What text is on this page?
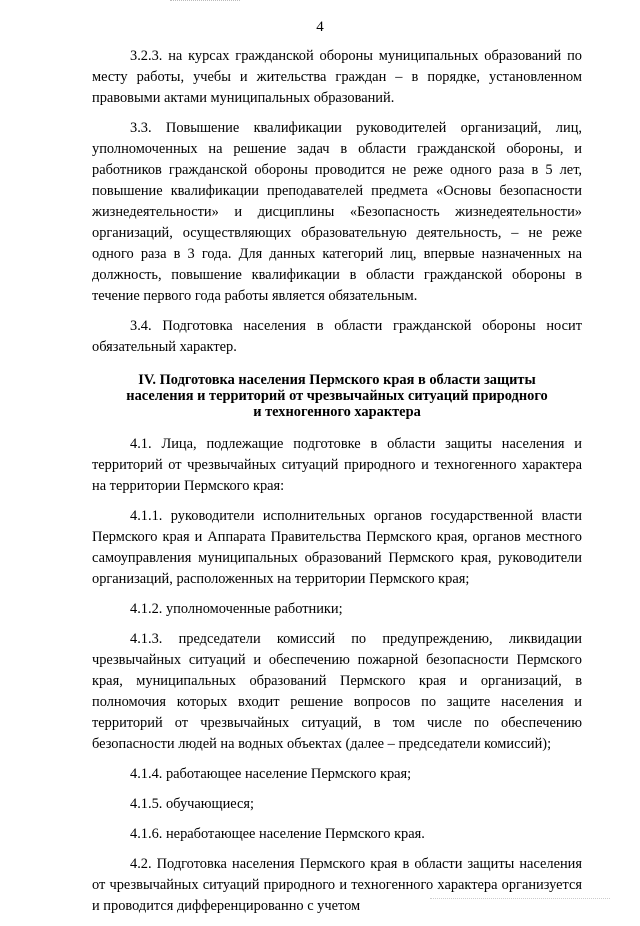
4

3.2.3. на курсах гражданской обороны муниципальных образований по месту работы, учебы и жительства граждан – в порядке, установленном правовыми актами муниципальных образований.

3.3. Повышение квалификации руководителей организаций, лиц, уполномоченных на решение задач в области гражданской обороны, и работников гражданской обороны проводится не реже одного раза в 5 лет, повышение квалификации преподавателей предмета «Основы безопасности жизнедеятельности» и дисциплины «Безопасность жизнедеятельности» организаций, осуществляющих образовательную деятельность, – не реже одного раза в 3 года. Для данных категорий лиц, впервые назначенных на должность, повышение квалификации в области гражданской обороны в течение первого года работы является обязательным.

3.4. Подготовка населения в области гражданской обороны носит обязательный характер.

IV. Подготовка населения Пермского края в области защиты
населения и территорий от чрезвычайных ситуаций природного
и техногенного характера

4.1. Лица, подлежащие подготовке в области защиты населения и территорий от чрезвычайных ситуаций природного и техногенного характера на территории Пермского края:

4.1.1. руководители исполнительных органов государственной власти Пермского края и Аппарата Правительства Пермского края, органов местного самоуправления муниципальных образований Пермского края, руководители организаций, расположенных на территории Пермского края;

4.1.2. уполномоченные работники;

4.1.3. председатели комиссий по предупреждению, ликвидации чрезвычайных ситуаций и обеспечению пожарной безопасности Пермского края, муниципальных образований Пермского края и организаций, в полномочия которых входит решение вопросов по защите населения и территорий от чрезвычайных ситуаций, в том числе по обеспечению безопасности людей на водных объектах (далее – председатели комиссий);

4.1.4. работающее население Пермского края;

4.1.5. обучающиеся;

4.1.6. неработающее население Пермского края.

4.2. Подготовка населения Пермского края в области защиты населения от чрезвычайных ситуаций природного и техногенного характера организуется и проводится дифференцированно с учетом
